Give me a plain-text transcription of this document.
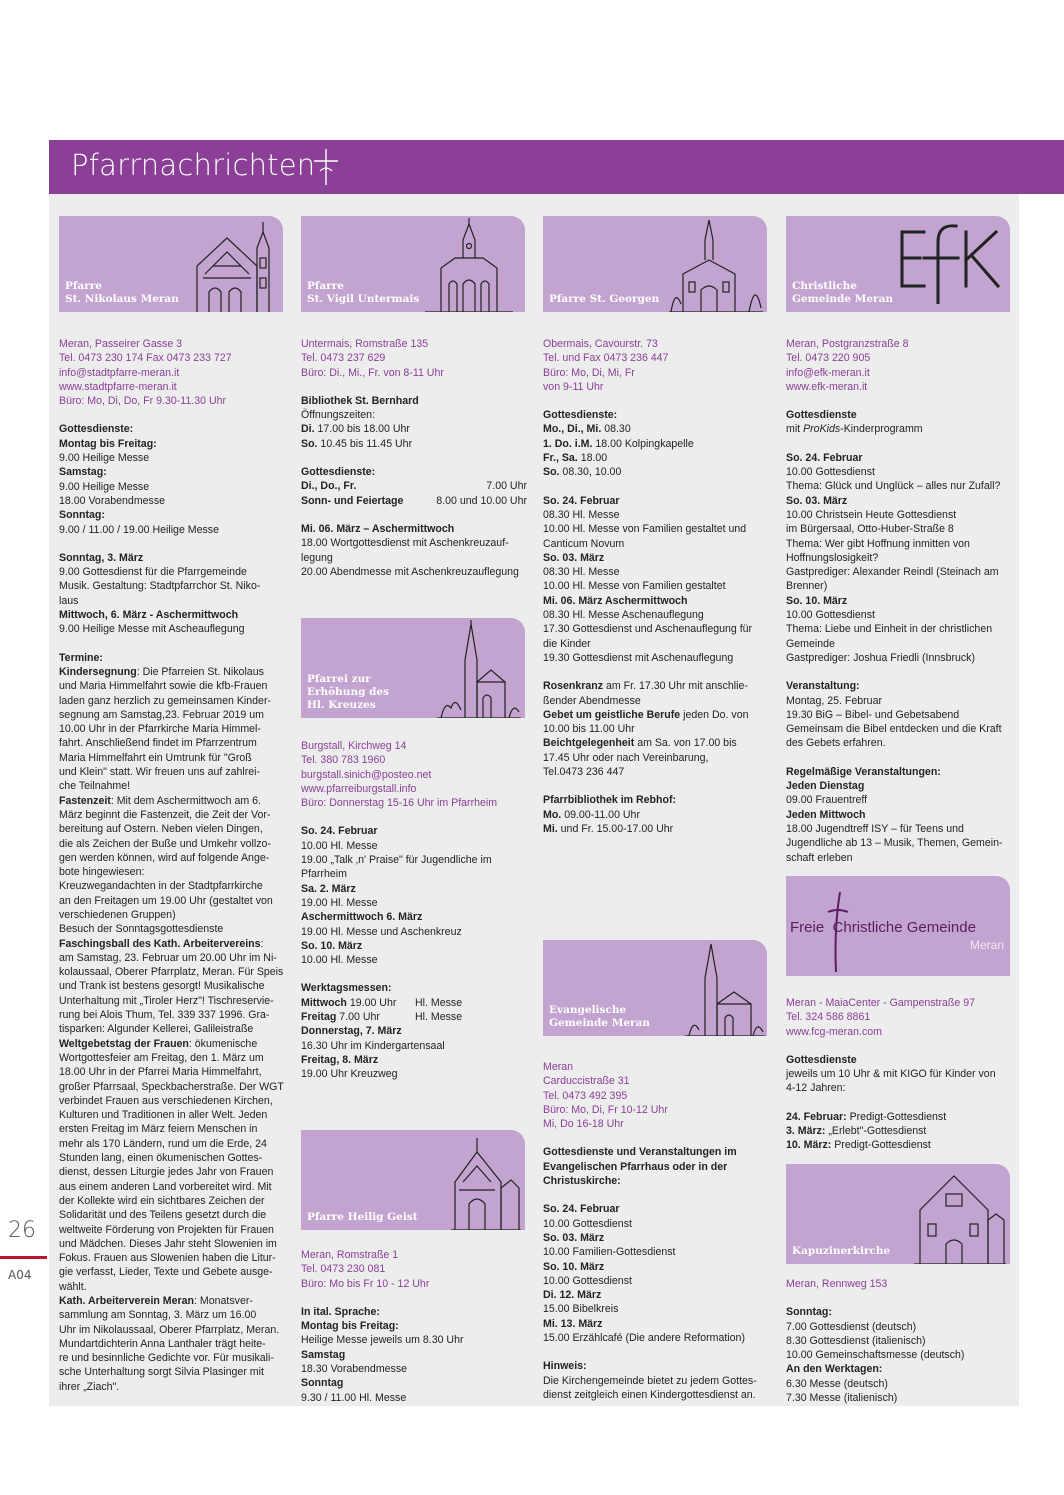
Pfarrnachrichten
26
A04
Pfarre
St. Nikolaus Meran

Meran, Passeirer Gasse 3

Tel. 0473 230 174 Fax 0473 233 727

info@stadtpfarre-meran.it

www.stadtpfarre-meran.it

Büro: Mo, Di, Do, Fr 9.30-11.30 Uhr

Gottesdienste:

Montag bis Freitag:

9.00 Heilige Messe

Samstag:

9.00 Heilige Messe

18.00 Vorabendmesse

Sonntag:

9.00 / 11.00 / 19.00 Heilige Messe

Sonntag, 3. März

9.00 Gottesdienst für die Pfarrgemeinde

Musik. Gestaltung: Stadtpfarrchor St. Niko-

laus

Mittwoch, 6. März - Aschermittwoch

9.00 Heilige Messe mit Ascheauflegung

Termine:

Kindersegnung: Die Pfarreien St. Nikolaus

und Maria Himmelfahrt sowie die kfb-Frauen

laden ganz herzlich zu gemeinsamen Kinder-

segnung am Samstag,23. Februar 2019 um

10.00 Uhr in der Pfarrkirche Maria Himmel-

fahrt. Anschließend findet im Pfarrzentrum

Maria Himmelfahrt ein Umtrunk für "Groß

und Klein" statt. Wir freuen uns auf zahlrei-

che Teilnahme!

Fastenzeit: Mit dem Aschermittwoch am 6.

März beginnt die Fastenzeit, die Zeit der Vor-

bereitung auf Ostern. Neben vielen Dingen,

die als Zeichen der Buße und Umkehr vollzo-

gen werden können, wird auf folgende Ange-

bote hingewiesen:

Kreuzwegandachten in der Stadtpfarrkirche

an den Freitagen um 19.00 Uhr (gestaltet von

verschiedenen Gruppen)

Besuch der Sonntagsgottesdienste

Faschingsball des Kath. Arbeitervereins:

am Samstag, 23. Februar um 20.00 Uhr im Ni-

kolaussaal, Oberer Pfarrplatz, Meran. Für Speis

und Trank ist bestens gesorgt! Musikalische

Unterhaltung mit „Tiroler Herz"! Tischreservie-

rung bei Alois Thum, Tel. 339 337 1996. Gra-

tisparken: Algunder Kellerei, Galileistraße

Weltgebetstag der Frauen: ökumenische

Wortgottesfeier am Freitag, den 1. März um

18.00 Uhr in der Pfarrei Maria Himmelfahrt,

großer Pfarrsaal, Speckbacherstraße. Der WGT

verbindet Frauen aus verschiedenen Kirchen,

Kulturen und Traditionen in aller Welt. Jeden

ersten Freitag im März feiern Menschen in

mehr als 170 Ländern, rund um die Erde, 24

Stunden lang, einen ökumenischen Gottes-

dienst, dessen Liturgie jedes Jahr von Frauen

aus einem anderen Land vorbereitet wird. Mit

der Kollekte wird ein sichtbares Zeichen der

Solidarität und des Teilens gesetzt durch die

weltweite Förderung von Projekten für Frauen

und Mädchen. Dieses Jahr steht Slowenien im

Fokus. Frauen aus Slowenien haben die Litur-

gie verfasst, Lieder, Texte und Gebete ausge-

wählt.

Kath. Arbeiterverein Meran: Monatsver-

sammlung am Sonntag, 3. März um 16.00

Uhr im Nikolaussaal, Oberer Pfarrplatz, Meran.

Mundartdichterin Anna Lanthaler trägt heite-

re und besinnliche Gedichte vor. Für musikali-

sche Unterhaltung sorgt Silvia Plasinger mit

ihrer „Ziach".

Pfarre
St. Vigil Untermais

Untermais, Romstraße 135

Tel. 0473 237 629

Büro: Di., Mi., Fr. von 8-11 Uhr

Bibliothek St. Bernhard

Öffnungszeiten:

Di. 17.00 bis 18.00 Uhr

So. 10.45 bis 11.45 Uhr

Gottesdienste:

Di., Do., Fr.	7.00 Uhr
Sonn- und Feiertage	8.00 und 10.00 Uhr

Mi. 06. März – Aschermittwoch

18.00 Wortgottesdienst mit Aschenkreuzauf-

legung

20.00 Abendmesse mit Aschenkreuzauflegung

Pfarrei zur
Erhöhung des
Hl. Kreuzes

Burgstall, Kirchweg 14

Tel. 380 783 1960

burgstall.sinich@posteo.net

www.pfarreiburgstall.info

Büro: Donnerstag 15-16 Uhr im Pfarrheim

So. 24. Februar

10.00 Hl. Messe

19.00 „Talk ‚n' Praise" für Jugendliche im

Pfarrheim

Sa. 2. März

19.00 Hl. Messe

Aschermittwoch 6. März

19.00 Hl. Messe und Aschenkreuz

So. 10. März

10.00 Hl. Messe

Werktagsmessen:

Mittwoch 19.00 Uhr Hl. Messe

Freitag 7.00 Uhr	Hl. Messe

Donnerstag, 7. März

16.30 Uhr im Kindergartensaal

Freitag, 8. März

19.00 Uhr Kreuzweg

Pfarre Heilig Geist

Meran, Romstraße 1

Tel. 0473 230 081

Büro: Mo bis Fr 10 - 12 Uhr

In ital. Sprache:

Montag bis Freitag:

Heilige Messe jeweils um 8.30 Uhr

Samstag

18.30 Vorabendmesse

Sonntag

9.30 / 11.00 Hl. Messe

Pfarre St. Georgen

Obermais, Cavourstr. 73

Tel. und Fax 0473 236 447

Büro: Mo, Di, Mi, Fr

von 9-11 Uhr

Gottesdienste:

Mo., Di., Mi. 08.30

1. Do. i.M. 18.00 Kolpingkapelle

Fr., Sa. 18.00

So. 08.30, 10.00

So. 24. Februar

08.30 Hl. Messe

10.00 Hl. Messe von Familien gestaltet und

Canticum Novum

So. 03. März

08.30 Hl. Messe

10.00 Hl. Messe von Familien gestaltet

Mi. 06. März Aschermittwoch

08.30 Hl. Messe Aschenauflegung

17.30 Gottesdienst und Aschenauflegung für

die Kinder

19.30 Gottesdienst mit Aschenauflegung

Rosenkranz am Fr. 17.30 Uhr mit anschlie-

ßender Abendmesse

Gebet um geistliche Berufe jeden Do. von

10.00 bis 11.00 Uhr

Beichtgelegenheit am Sa. von 17.00 bis

17.45 Uhr oder nach Vereinbarung,

Tel.0473 236 447

Pfarrbibliothek im Rebhof:

Mo. 09.00-11.00 Uhr

Mi. und Fr. 15.00-17.00 Uhr

Evangelische
Gemeinde Meran

Meran

Carduccistraße 31

Tel. 0473 492 395

Büro: Mo, Di, Fr 10-12 Uhr

Mi, Do 16-18 Uhr

Gottesdienste und Veranstaltungen im

Evangelischen Pfarrhaus oder in der

Christuskirche:

So. 24. Februar

10.00 Gottesdienst

So. 03. März

10.00 Familien-Gottesdienst

So. 10. März

10.00 Gottesdienst

Di. 12. März

15.00 Bibelkreis

Mi. 13. März

15.00 Erzählcafé (Die andere Reformation)

Hinweis:

Die Kirchengemeinde bietet zu jedem Gottes-

dienst zeitgleich einen Kindergottesdienst an.

Christliche
Gemeinde Meran

Meran, Postgranzstraße 8

Tel. 0473 220 905

info@efk-meran.it

www.efk-meran.it

Gottesdienste

mit ProKids-Kinderprogramm

So. 24. Februar

10.00 Gottesdienst

Thema: Glück und Unglück – alles nur Zufall?

So. 03. März

10.00 Christsein Heute Gottesdienst

im Bürgersaal, Otto-Huber-Straße 8

Thema: Wer gibt Hoffnung inmitten von

Hoffnungslosigkeit?

Gastprediger: Alexander Reindl (Steinach am

Brenner)

So. 10. März

10.00 Gottesdienst

Thema: Liebe und Einheit in der christlichen

Gemeinde

Gastprediger: Joshua Friedli (Innsbruck)

Veranstaltung:

Montag, 25. Februar

19.30 BiG – Bibel- und Gebetsabend

Gemeinsam die Bibel entdecken und die Kraft

des Gebets erfahren.

Regelmäßige Veranstaltungen:

Jeden Dienstag

09.00 Frauentreff

Jeden Mittwoch

18.00 Jugendtreff ISY – für Teens und

Jugendliche ab 13 – Musik, Themen, Gemein-

schaft erleben

Freie Christliche Gemeinde
Meran

Meran - MaiaCenter - Gampenstraße 97

Tel. 324 586 8861

www.fcg-meran.com

Gottesdienste

jeweils um 10 Uhr & mit KIGO für Kinder von

4-12 Jahren:

24. Februar: Predigt-Gottesdienst

3. März: „Erlebt"-Gottesdienst

10. März: Predigt-Gottesdienst

Kapuzinerkirche

Meran, Rennweg 153

Sonntag:

7.00 Gottesdienst (deutsch)

8.30 Gottesdienst (italienisch)

10.00 Gemeinschaftsmesse (deutsch)

An den Werktagen:

6.30 Messe (deutsch)

7.30 Messe (italienisch)
